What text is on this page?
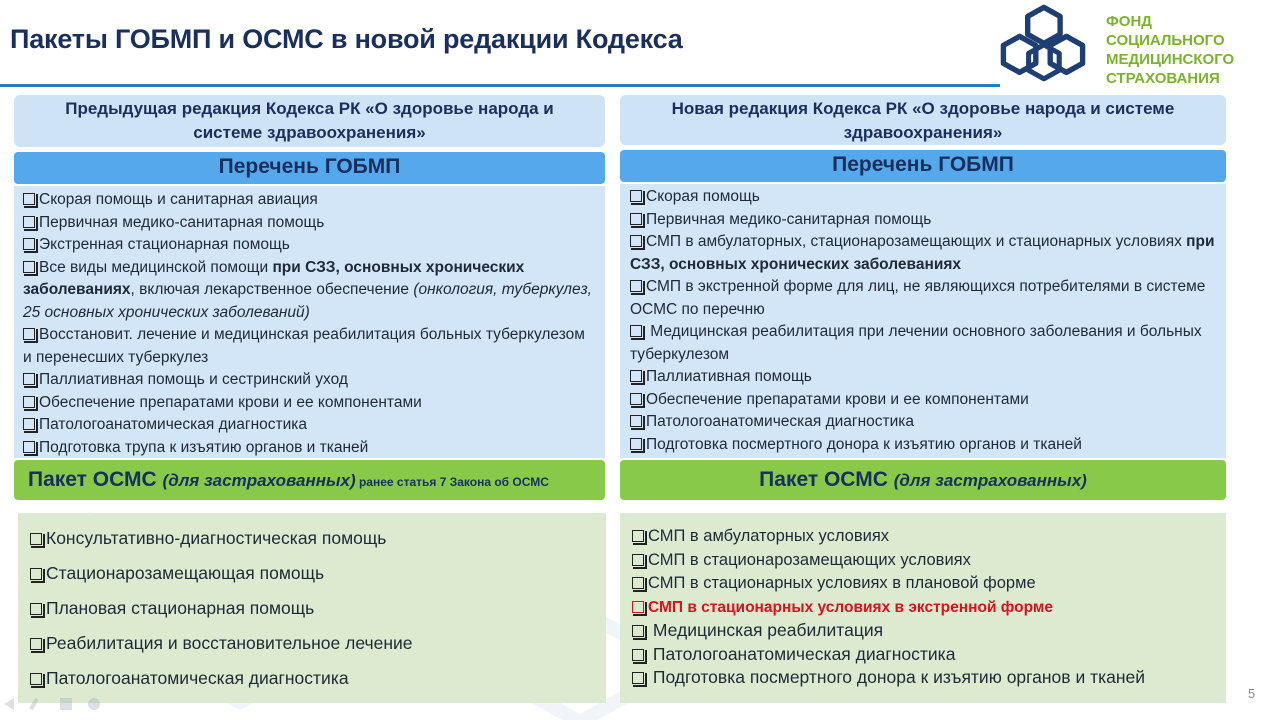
Пакеты ГОБМП и ОСМС в новой редакции Кодекса
ФОНД
СОЦИАЛЬНОГО
МЕДИЦИНСКОГО
СТРАХОВАНИЯ
Предыдущая редакция Кодекса РК «О здоровье народа и системе здравоохранения»
Перечень ГОБМП
Скорая помощь и санитарная авиация
Первичная медико-санитарная помощь
Экстренная стационарная помощь
Все виды медицинской помощи при СЗЗ, основных хронических заболеваниях, включая лекарственное обеспечение (онкология, туберкулез, 25 основных хронических заболеваний)
Восстановит. лечение и медицинская реабилитация больных туберкулезом и перенесших туберкулез
Паллиативная помощь и сестринский уход
Обеспечение препаратами крови и ее компонентами
Патологоанатомическая диагностика
Подготовка трупа к изъятию органов и тканей
Пакет ОСМС (для застрахованных) ранее статья 7 Закона об ОСМС
Консультативно-диагностическая помощь
Стационарозамещающая помощь
Плановая стационарная помощь
Реабилитация и восстановительное лечение
Патологоанатомическая диагностика
Новая редакция Кодекса РК «О здоровье народа и системе здравоохранения»
Перечень ГОБМП
Скорая помощь
Первичная медико-санитарная помощь
СМП в амбулаторных, стационарозамещающих и стационарных условиях при СЗЗ, основных хронических заболеваниях
СМП в экстренной форме для лиц, не являющихся потребителями в системе ОСМС по перечню
Медицинская реабилитация при лечении основного заболевания и больных туберкулезом
Паллиативная помощь
Обеспечение препаратами крови и ее компонентами
Патологоанатомическая диагностика
Подготовка посмертного донора к изъятию органов и тканей
Пакет ОСМС (для застрахованных)
СМП в амбулаторных условиях
СМП в стационарозамещающих условиях
СМП в стационарных условиях в плановой форме
СМП в стационарных условиях в экстренной форме
Медицинская реабилитация
Патологоанатомическая диагностика
Подготовка посмертного донора к изъятию органов и тканей
5
